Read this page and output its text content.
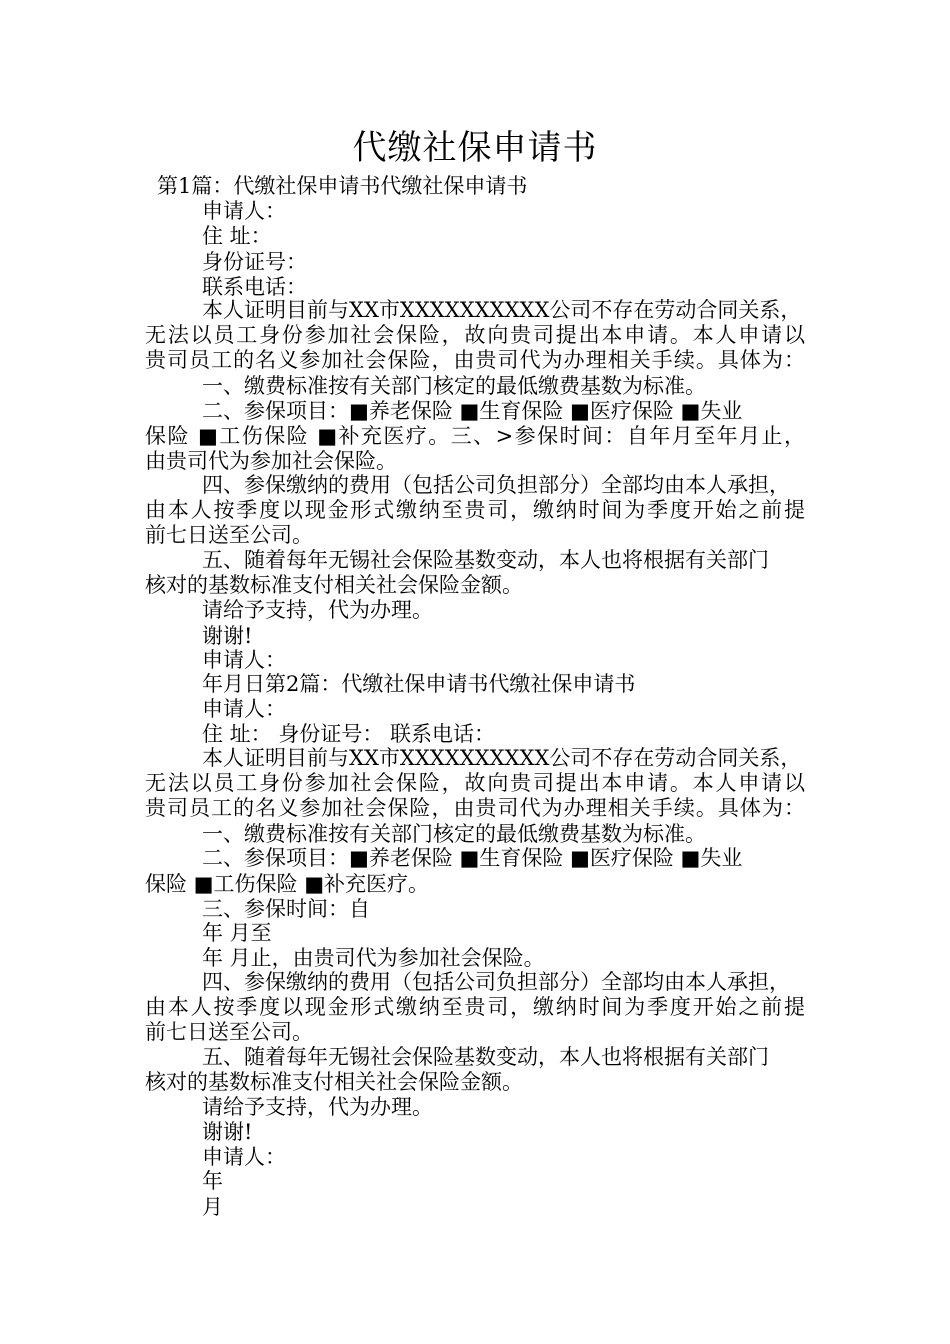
代缴社保申请书
第1篇：代缴社保申请书代缴社保申请书
申请人：
住 址：
身份证号：
联系电话：
本人证明目前与XX市XXXXXXXXXX公司不存在劳动合同关系，
无法以员工身份参加社会保险，故向贵司提出本申请。本人申请以
贵司员工的名义参加社会保险，由贵司代为办理相关手续。具体为：
一、缴费标准按有关部门核定的最低缴费基数为标准。
二、参保项目：■养老保险 ■生育保险 ■医疗保险 ■失业
保险 ■工伤保险 ■补充医疗。三、>参保时间：自年月至年月止，
由贵司代为参加社会保险。
四、参保缴纳的费用（包括公司负担部分）全部均由本人承担，
由本人按季度以现金形式缴纳至贵司，缴纳时间为季度开始之前提
前七日送至公司。
五、随着每年无锡社会保险基数变动，本人也将根据有关部门
核对的基数标准支付相关社会保险金额。
请给予支持，代为办理。
谢谢!
申请人：
年月日第2篇：代缴社保申请书代缴社保申请书
申请人：
住 址： 身份证号： 联系电话：
本人证明目前与XX市XXXXXXXXXX公司不存在劳动合同关系，
无法以员工身份参加社会保险，故向贵司提出本申请。本人申请以
贵司员工的名义参加社会保险，由贵司代为办理相关手续。具体为：
一、缴费标准按有关部门核定的最低缴费基数为标准。
二、参保项目：■养老保险 ■生育保险 ■医疗保险 ■失业
保险 ■工伤保险 ■补充医疗。
三、参保时间：自
年 月至
年 月止，由贵司代为参加社会保险。
四、参保缴纳的费用（包括公司负担部分）全部均由本人承担，
由本人按季度以现金形式缴纳至贵司，缴纳时间为季度开始之前提
前七日送至公司。
五、随着每年无锡社会保险基数变动，本人也将根据有关部门
核对的基数标准支付相关社会保险金额。
请给予支持，代为办理。
谢谢!
申请人：
年
月
